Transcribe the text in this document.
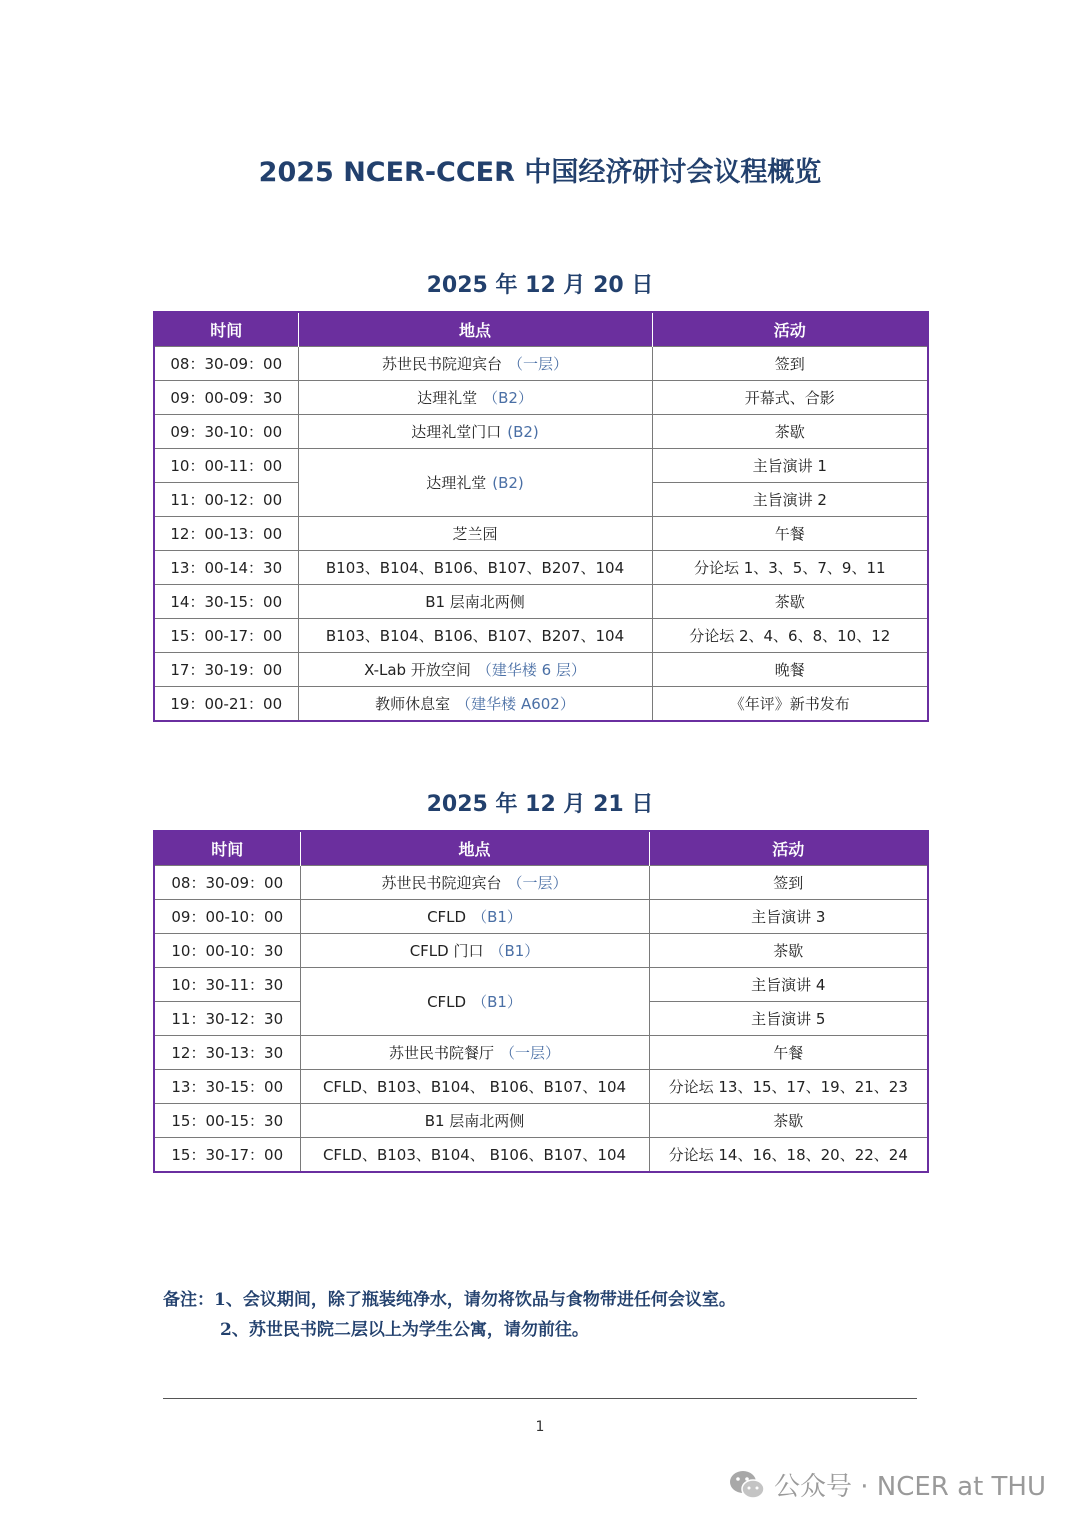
2025 NCER-CCER 中国经济研讨会议程概览
2025 年 12 月 20 日
时间	地点	活动
08：30-09：00	苏世民书院迎宾台 （一层）	签到
09：00-09：30	达理礼堂 （B2）	开幕式、合影
09：30-10：00	达理礼堂门口 (B2)	茶歇
10：00-11：00	达理礼堂 (B2)	主旨演讲 1
11：00-12：00		主旨演讲 2
12：00-13：00	芝兰园	午餐
13：00-14：30	B103、B104、B106、B107、B207、104	分论坛 1、3、5、7、9、11
14：30-15：00	B1 层南北两侧	茶歇
15：00-17：00	B103、B104、B106、B107、B207、104	分论坛 2、4、6、8、10、12
17：30-19：00	X-Lab 开放空间 （建华楼 6 层）	晚餐
19：00-21：00	教师休息室 （建华楼 A602）	《年评》新书发布
2025 年 12 月 21 日
时间	地点	活动
08：30-09：00	苏世民书院迎宾台 （一层）	签到
09：00-10：00	CFLD （B1）	主旨演讲 3
10：00-10：30	CFLD 门口 （B1）	茶歇
10：30-11：30	CFLD （B1）	主旨演讲 4
11：30-12：30		主旨演讲 5
12：30-13：30	苏世民书院餐厅 （一层）	午餐
13：30-15：00	CFLD、B103、B104、 B106、B107、104	分论坛 13、15、17、19、21、23
15：00-15：30	B1 层南北两侧	茶歇
15：30-17：00	CFLD、B103、B104、 B106、B107、104	分论坛 14、16、18、20、22、24
备注：1、会议期间，除了瓶装纯净水，请勿将饮品与食物带进任何会议室。
2、苏世民书院二层以上为学生公寓，请勿前往。
1
公众号 · NCER at THU
